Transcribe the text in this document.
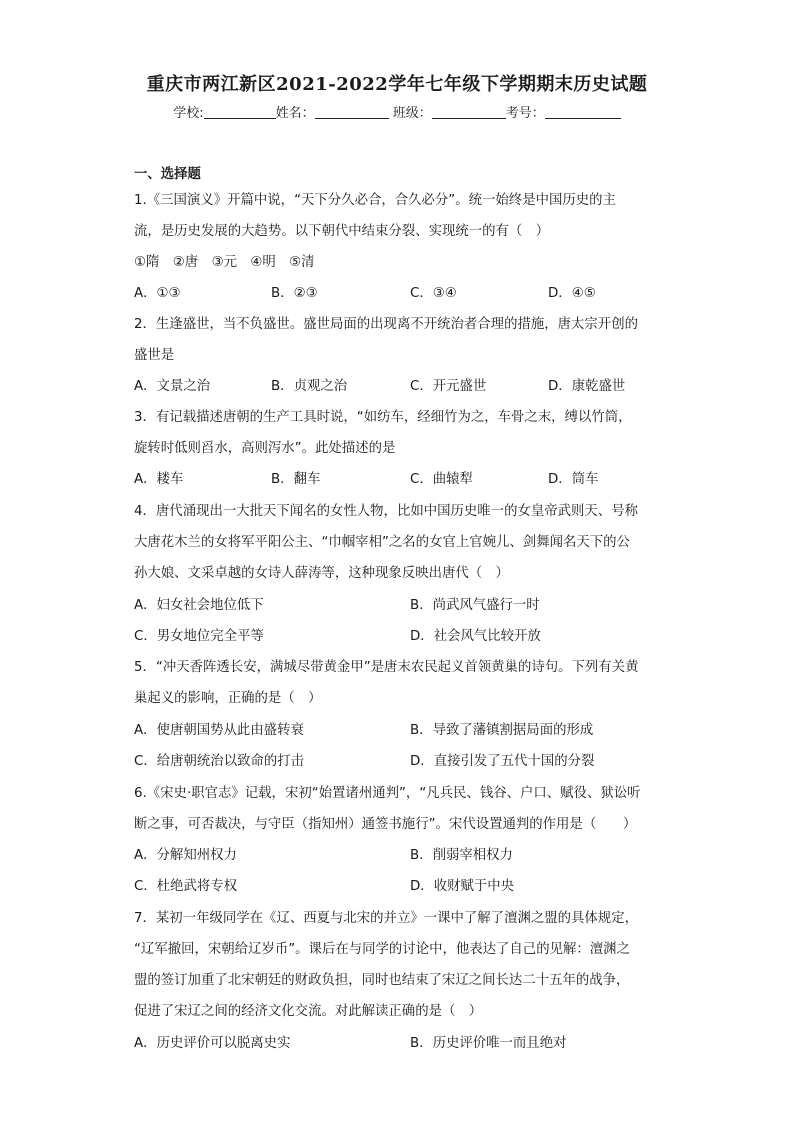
重庆市两江新区2021-2022学年七年级下学期期末历史试题
学校:	姓名：	班级：	考号：
一、选择题
1.《三国演义》开篇中说，“天下分久必合，合久必分”。统一始终是中国历史的主
流，是历史发展的大趋势。以下朝代中结束分裂、实现统一的有（　）
①隋　②唐　③元　④明　⑤清
A．①③	B．②③	C．③④	D．④⑤
2．生逢盛世，当不负盛世。盛世局面的出现离不开统治者合理的措施，唐太宗开创的
盛世是
A．文景之治	B．贞观之治	C．开元盛世	D．康乾盛世
3．有记载描述唐朝的生产工具时说，“如纺车，经细竹为之，车骨之末，缚以竹筒，
旋转时低则舀水，高则泻水”。此处描述的是
A．耧车	B．翻车	C．曲辕犁	D．筒车
4．唐代涌现出一大批天下闻名的女性人物，比如中国历史唯一的女皇帝武则天、号称
大唐花木兰的女将军平阳公主、“巾帼宰相”之名的女官上官婉儿、剑舞闻名天下的公
孙大娘、文采卓越的女诗人薛涛等，这种现象反映出唐代（　）
A．妇女社会地位低下	B．尚武风气盛行一时
C．男女地位完全平等	D．社会风气比较开放
5．“冲天香阵透长安，满城尽带黄金甲”是唐末农民起义首领黄巢的诗句。下列有关黄
巢起义的影响，正确的是（　）
A．使唐朝国势从此由盛转衰	B．导致了藩镇割据局面的形成
C．给唐朝统治以致命的打击	D．直接引发了五代十国的分裂
6.《宋史·职官志》记载，宋初“始置诸州通判”，“凡兵民、钱谷、户口、赋役、狱讼听
断之事，可否裁决，与守臣（指知州）通签书施行”。宋代设置通判的作用是（　　）
A．分解知州权力	B．削弱宰相权力
C．杜绝武将专权	D．收财赋于中央
7．某初一年级同学在《辽、西夏与北宋的并立》一课中了解了澶渊之盟的具体规定，
“辽军撤回，宋朝给辽岁币”。课后在与同学的讨论中，他表达了自己的见解：澶渊之
盟的签订加重了北宋朝廷的财政负担，同时也结束了宋辽之间长达二十五年的战争，
促进了宋辽之间的经济文化交流。对此解读正确的是（　）
A．历史评价可以脱离史实	B．历史评价唯一而且绝对
